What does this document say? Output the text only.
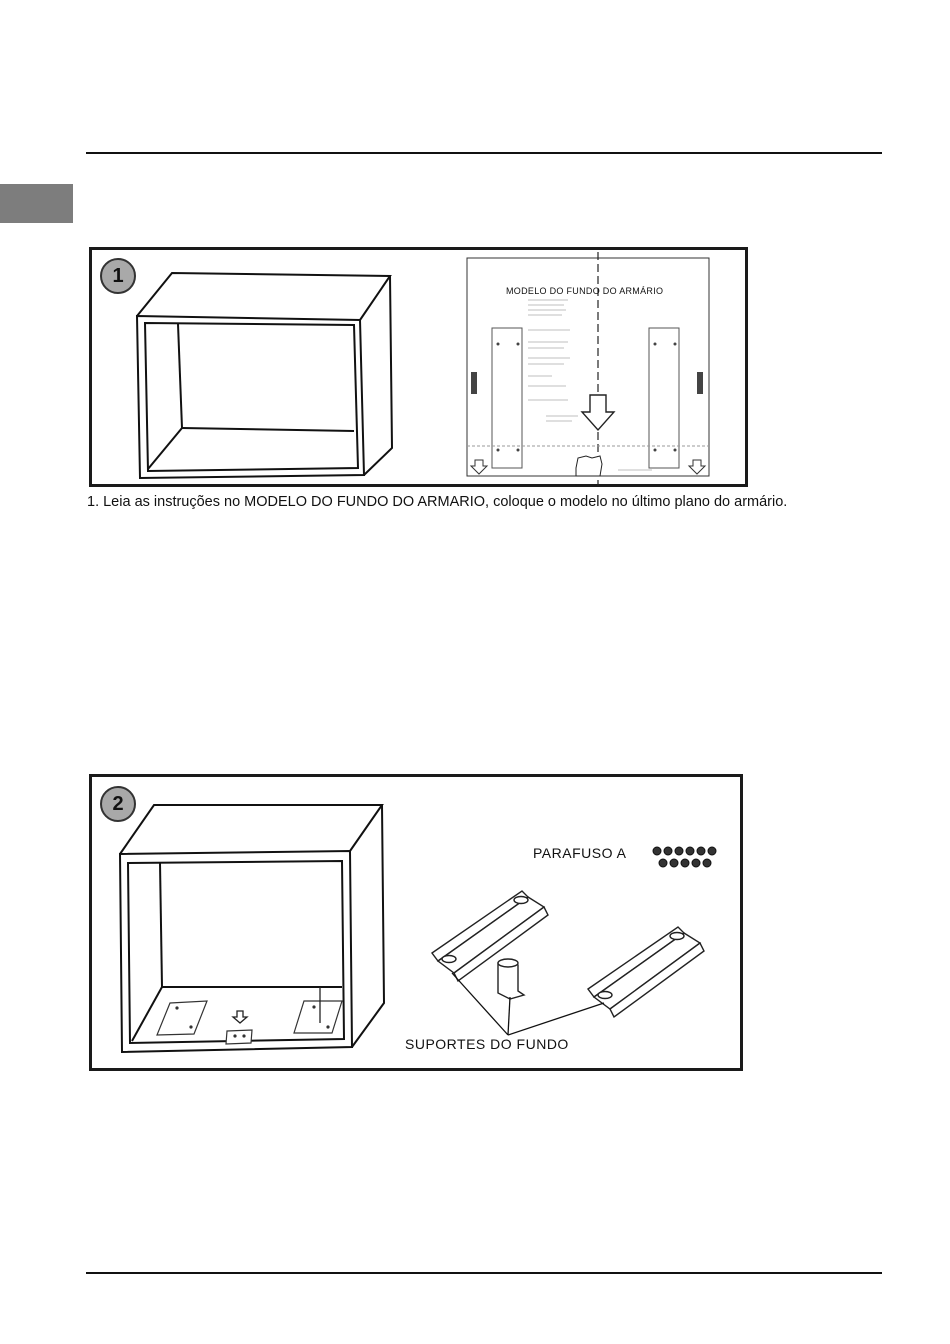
1
MODELO DO FUNDO DO ARMÁRIO
1. Leia as instruções no MODELO DO FUNDO DO ARMARIO, coloque o modelo no último plano do armário.
2
PARAFUSO A
SUPORTES DO FUNDO
